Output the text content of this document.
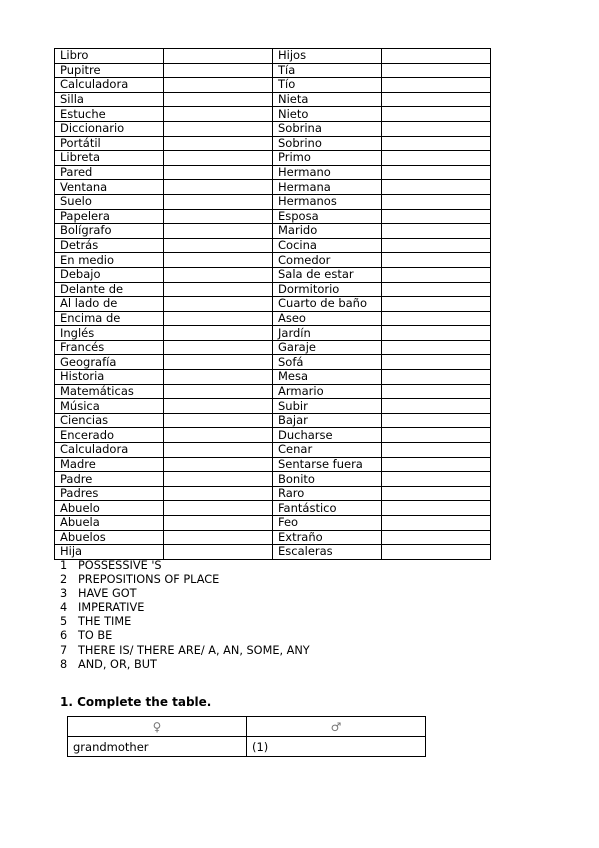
Libro		Hijos	
Pupitre		Tía	
Calculadora		Tío	
Silla		Nieta	
Estuche		Nieto	
Diccionario		Sobrina	
Portátil		Sobrino	
Libreta		Primo	
Pared		Hermano	
Ventana		Hermana	
Suelo		Hermanos	
Papelera		Esposa	
Bolígrafo		Marido	
Detrás		Cocina	
En medio		Comedor	
Debajo		Sala de estar	
Delante de		Dormitorio	
Al lado de		Cuarto de baño	
Encima de		Aseo	
Inglés		Jardín	
Francés		Garaje	
Geografía		Sofá	
Historia		Mesa	
Matemáticas		Armario	
Música		Subir	
Ciencias		Bajar	
Encerado		Ducharse	
Calculadora		Cenar	
Madre		Sentarse fuera	
Padre		Bonito	
Padres		Raro	
Abuelo		Fantástico	
Abuela		Feo	
Abuelos		Extraño	
Hija		Escaleras	
1 POSSESSIVE 'S
2 PREPOSITIONS OF PLACE
3 HAVE GOT
4 IMPERATIVE
5 THE TIME
6 TO BE
7 THERE IS/ THERE ARE/ A, AN, SOME, ANY
8 AND, OR, BUT
1. Complete the table.
♀	♂
grandmother	(1)
